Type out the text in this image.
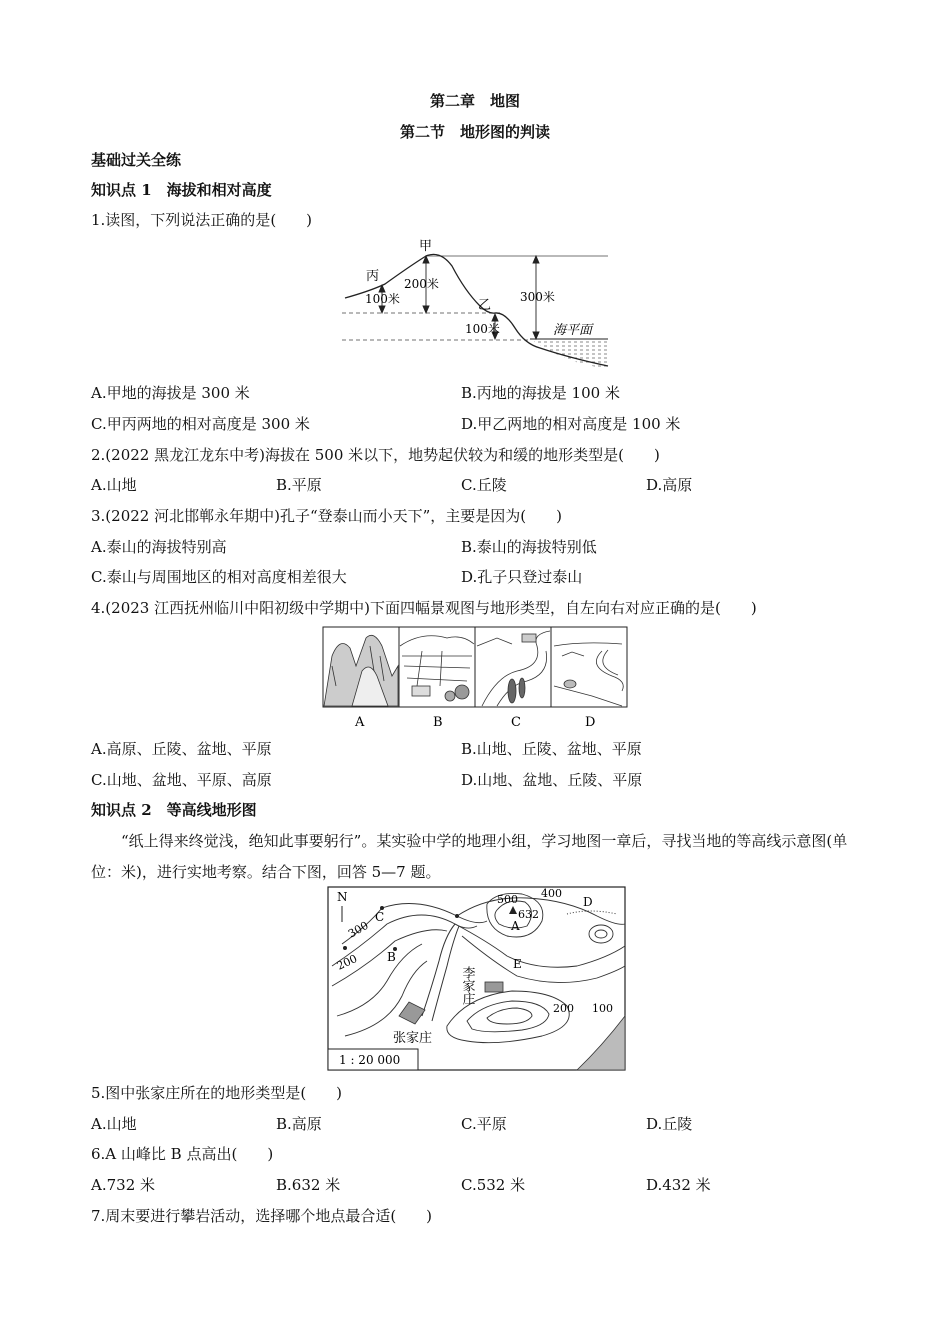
第二章　地图
第二节　地形图的判读
基础过关全练
知识点 1　海拔和相对高度
1.读图，下列说法正确的是(　　)
甲
丙
乙
200米
100米	300米
100米	海平面
A.甲地的海拔是 300 米	B.丙地的海拔是 100 米
C.甲丙两地的相对高度是 300 米	D.甲乙两地的相对高度是 100 米
2.(2022 黑龙江龙东中考)海拔在 500 米以下，地势起伏较为和缓的地形类型是(　　)
A.山地	B.平原	C.丘陵	D.高原
3.(2022 河北邯郸永年期中)孔子“登泰山而小天下”，主要是因为(　　)
A.泰山的海拔特别高	B.泰山的海拔特别低
C.泰山与周围地区的相对高度相差很大	D.孔子只登过泰山
4.(2023 江西抚州临川中阳初级中学期中)下面四幅景观图与地形类型，自左向右对应正确的是(　　)
A	B	C	D
A.高原、丘陵、盆地、平原	B.山地、丘陵、盆地、平原
C.山地、盆地、平原、高原	D.山地、盆地、丘陵、平原
知识点 2　等高线地形图
“纸上得来终觉浅，绝知此事要躬行”。某实验中学的地理小组，学习地图一章后，寻找当地的等高线示意图(单位：米)，进行实地考察。结合下图，回答 5—7 题。
N
300
200
500 400
632
A
B
C
D
E
李家庄
200 100
张家庄
1 : 20 000
5.图中张家庄所在的地形类型是(　　)
A.山地	B.高原	C.平原	D.丘陵
6.A 山峰比 B 点高出(　　)
A.732 米	B.632 米	C.532 米	D.432 米
7.周末要进行攀岩活动，选择哪个地点最合适(　　)
